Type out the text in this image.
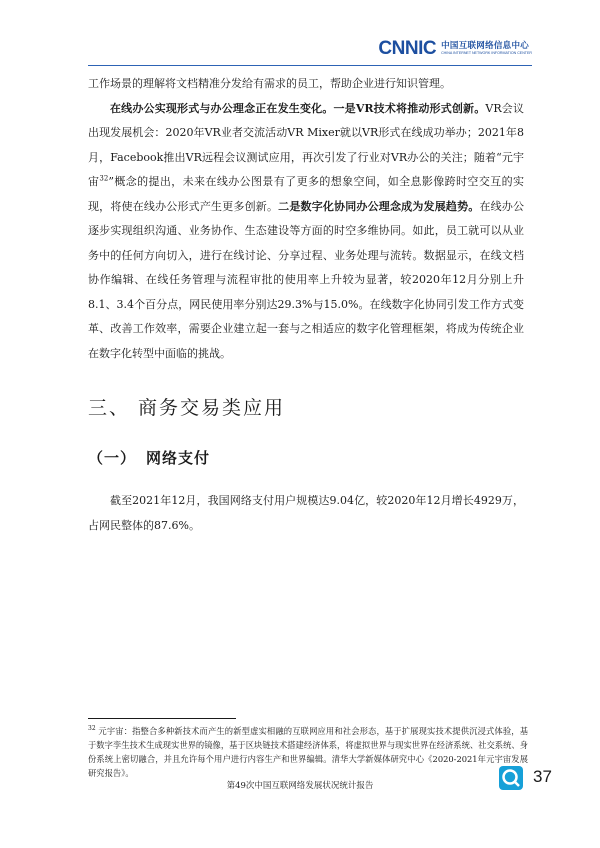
CNNIC 中国互联网络信息中心
CHINA INTERNET NETWORK INFORMATION CENTER

工作场景的理解将文档精准分发给有需求的员工，帮助企业进行知识管理。

在线办公实现形式与办公理念正在发生变化。一是VR技术将推动形式创新。VR会议出现发展机会：2020年VR业者交流活动VR Mixer就以VR形式在线成功举办；2021年8月，Facebook推出VR远程会议测试应用，再次引发了行业对VR办公的关注；随着“元宇宙$^{32}$”概念的提出，未来在线办公图景有了更多的想象空间，如全息影像跨时空交互的实现，将使在线办公形式产生更多创新。二是数字化协同办公理念成为发展趋势。在线办公逐步实现组织沟通、业务协作、生态建设等方面的时空多维协同。如此，员工就可以从业务中的任何方向切入，进行在线讨论、分享过程、业务处理与流转。数据显示，在线文档协作编辑、在线任务管理与流程审批的使用率上升较为显著，较2020年12月分别上升8.1、3.4个百分点，网民使用率分别达29.3%与15.0%。在线数字化协同引发工作方式变革、改善工作效率，需要企业建立起一套与之相适应的数字化管理框架，将成为传统企业在数字化转型中面临的挑战。

三、 商务交易类应用
（一） 网络支付

截至2021年12月，我国网络支付用户规模达9.04亿，较2020年12月增长4929万，占网民整体的87.6%。

$^{32}$ 元宇宙：指整合多种新技术而产生的新型虚实相融的互联网应用和社会形态，基于扩展现实技术提供沉浸式体验，基于数字孪生技术生成现实世界的镜像，基于区块链技术搭建经济体系，将虚拟世界与现实世界在经济系统、社交系统、身份系统上密切融合，并且允许每个用户进行内容生产和世界编辑。清华大学新媒体研究中心《2020-2021年元宇宙发展研究报告》。

第49次中国互联网络发展状况统计报告	37
